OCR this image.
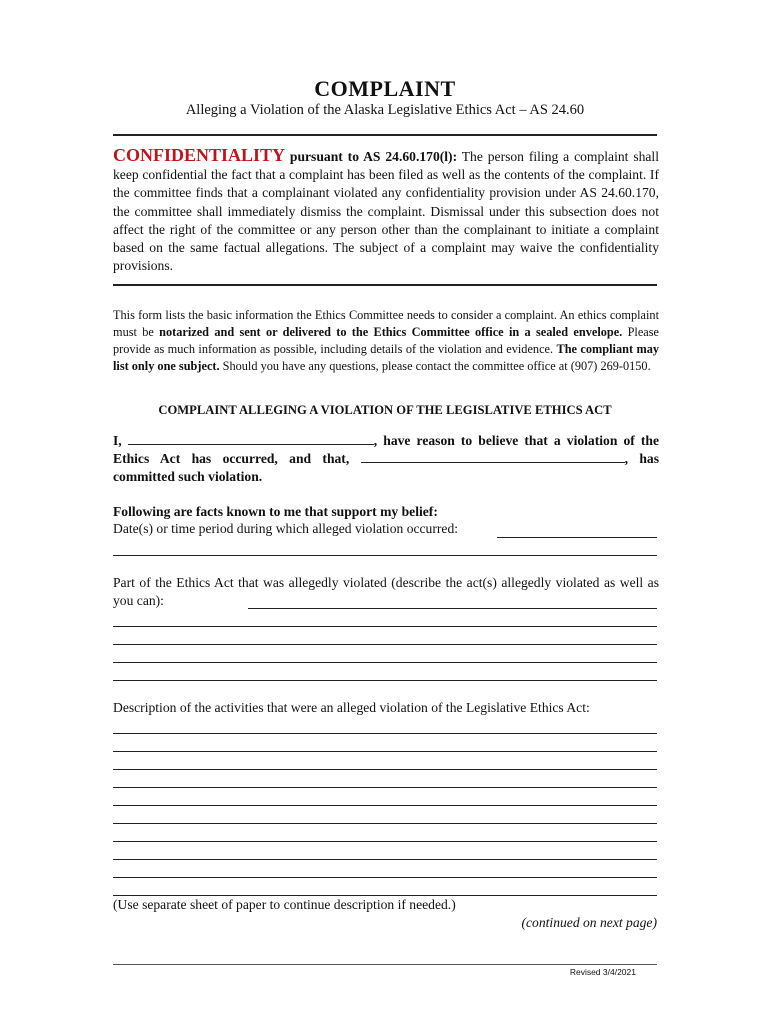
COMPLAINT
Alleging a Violation of the Alaska Legislative Ethics Act – AS 24.60
CONFIDENTIALITY pursuant to AS 24.60.170(l): The person filing a complaint shall keep confidential the fact that a complaint has been filed as well as the contents of the complaint. If the committee finds that a complainant violated any confidentiality provision under AS 24.60.170, the committee shall immediately dismiss the complaint. Dismissal under this subsection does not affect the right of the committee or any person other than the complainant to initiate a complaint based on the same factual allegations. The subject of a complaint may waive the confidentiality provisions.
This form lists the basic information the Ethics Committee needs to consider a complaint. An ethics complaint must be notarized and sent or delivered to the Ethics Committee office in a sealed envelope. Please provide as much information as possible, including details of the violation and evidence. The compliant may list only one subject. Should you have any questions, please contact the committee office at (907) 269-0150.
COMPLAINT ALLEGING A VIOLATION OF THE LEGISLATIVE ETHICS ACT
I,	, have reason to believe that a violation of the Ethics Act has occurred, and that,	, has committed such violation.
Following are facts known to me that support my belief:
Date(s) or time period during which alleged violation occurred:
Part of the Ethics Act that was allegedly violated (describe the act(s) allegedly violated as well as you can):
Description of the activities that were an alleged violation of the Legislative Ethics Act:
(Use separate sheet of paper to continue description if needed.)
(continued on next page)
Revised 3/4/2021
